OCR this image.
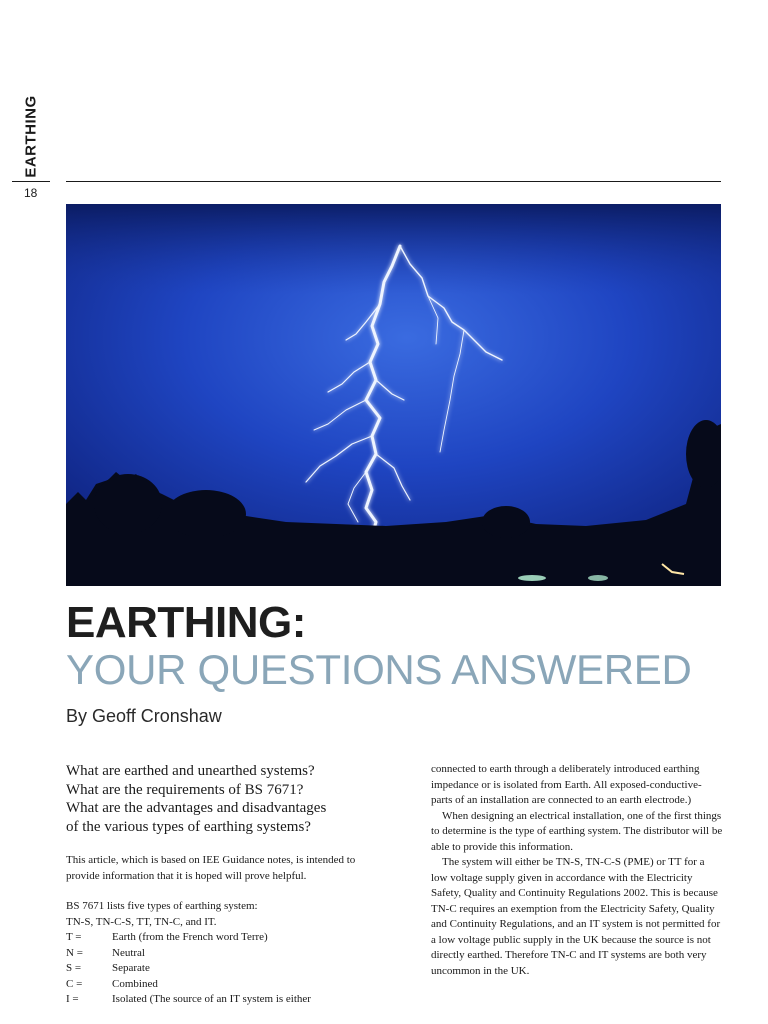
EARTHING
18
EARTHING:
YOUR QUESTIONS ANSWERED
By Geoff Cronshaw

What are earthed and unearthed systems?

What are the requirements of BS 7671?

What are the advantages and disadvantages

of the various types of earthing systems?

This article, which is based on IEE Guidance notes, is intended to provide information that it is hoped will prove helpful.

BS 7671 lists five types of earthing system:

TN-S, TN-C-S, TT, TN-C, and IT.

T =	Earth (from the French word Terre)
N =	Neutral
S =	Separate
C =	Combined
I =	Isolated (The source of an IT system is either

connected to earth through a deliberately introduced earthing impedance or is isolated from Earth. All exposed-conductive-parts of an installation are connected to an earth electrode.)

When designing an electrical installation, one of the first things to determine is the type of earthing system. The distributor will be able to provide this information.

The system will either be TN-S, TN-C-S (PME) or TT for a low voltage supply given in accordance with the Electricity Safety, Quality and Continuity Regulations 2002. This is because TN-C requires an exemption from the Electricity Safety, Quality and Continuity Regulations, and an IT system is not permitted for a low voltage public supply in the UK because the source is not directly earthed. Therefore TN-C and IT systems are both very uncommon in the UK.
